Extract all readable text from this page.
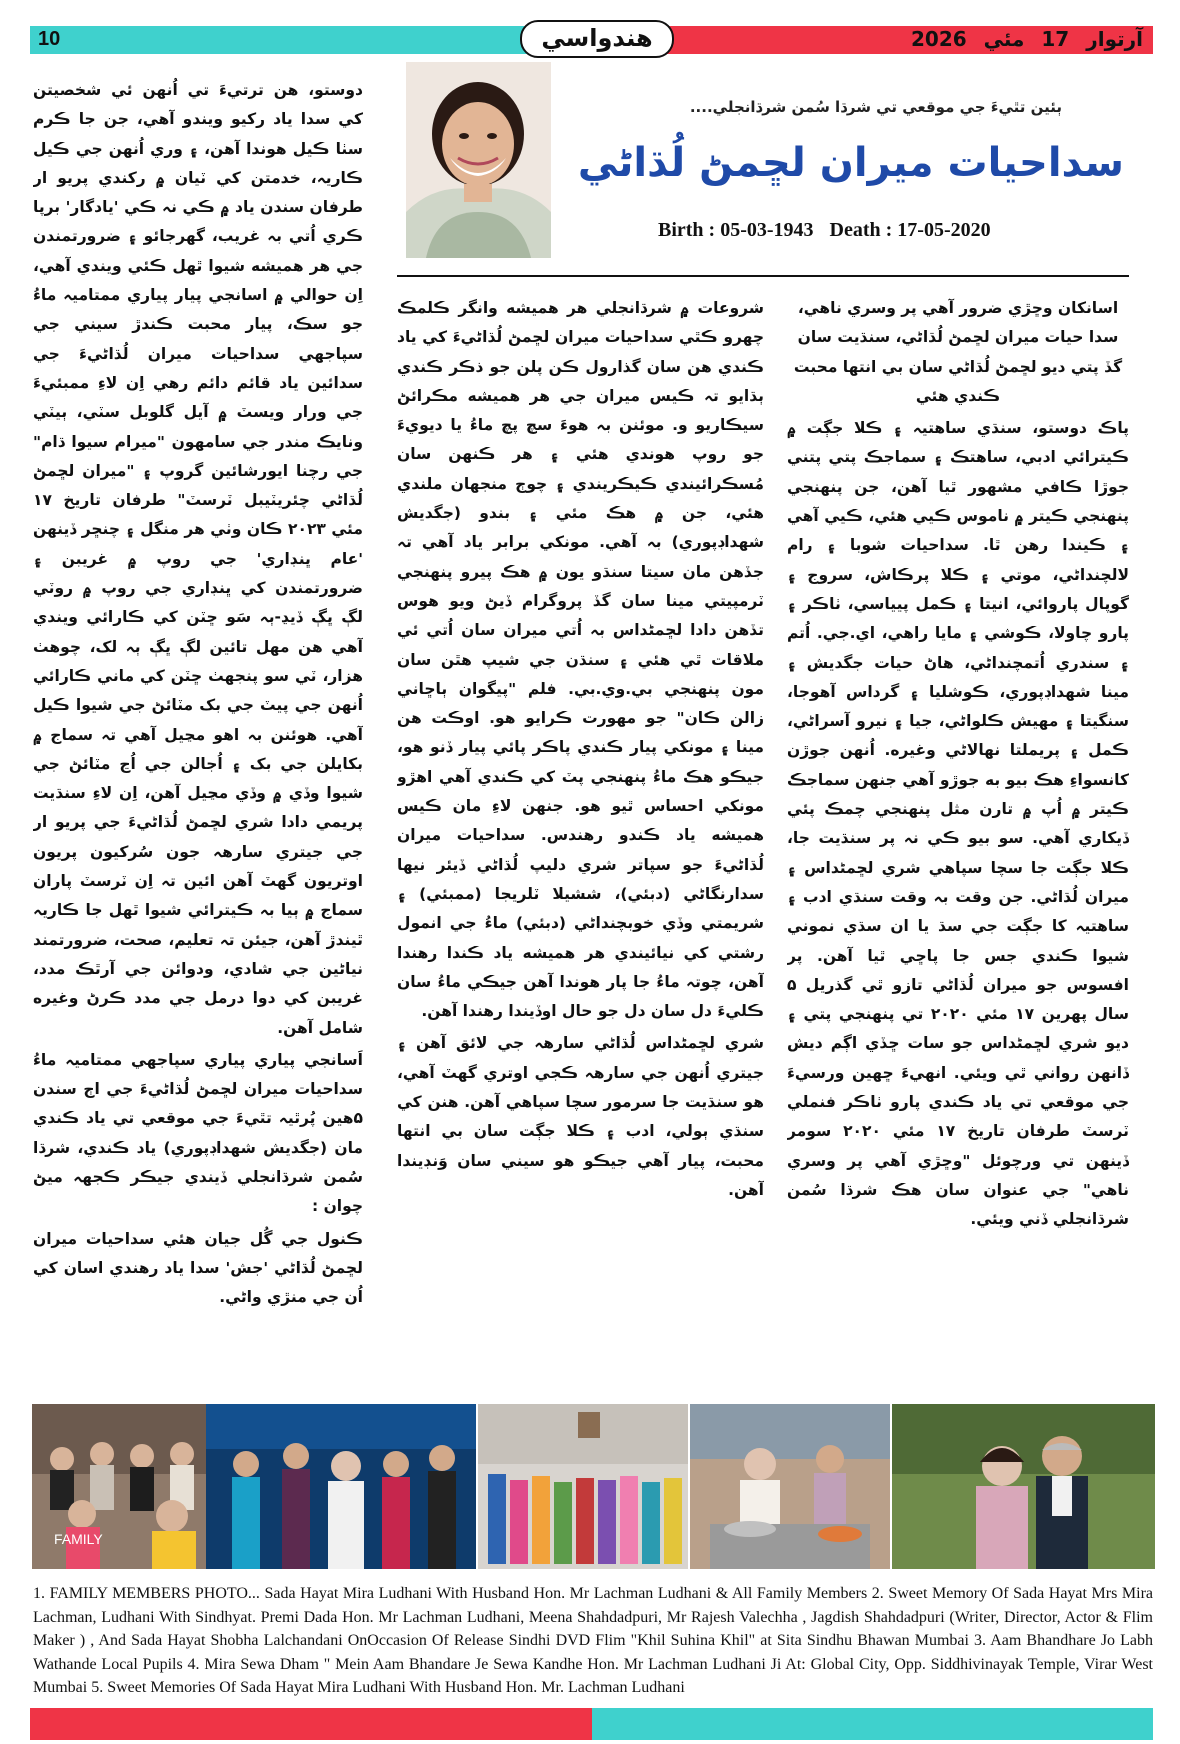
10	هندواسي	آرتوار 17 مئي 2026
ٻئين تٿيءَ جي موقعي تي شرڌا سُمن شرڌانجلي....
سداحيات ميران لڇمڻ لُڌاڻي
Birth : 05-03-1943 Death : 17-05-2020

دوستو، هن ترتيءَ تي اُنهن ئي شخصيتن کي سدا ياد رکيو ويندو آهي، جن جا ڪرم سٺا ڪيل هوندا آهن، ۽ وري اُنهن جي ڪيل ڪاريہ، خدمتن کي ٽيان ۾ رکندي پريو ار طرفان سندن ياد ۾ ڪي نہ ڪي 'يادگار' برپا ڪري اُتي بہ غريب، گهرجائو ۽ ضرورتمندن جي هر هميشه شيوا ٿهل ڪئي ويندي آهي، اِن حوالي ۾ اسانجي پيار پياري ممتاميہ ماءُ جو سڪ، پيار محبت ڪندڙ سيني جي سپاجهي سداحيات ميران لُڌاڻيءَ جي سدائين ياد قائم دائم رهي اِن لاءِ ممبئيءَ جي ورار ويسٽ ۾ آيل گلوبل سٽي، ٻيٽي ونايڪ مندر جي سامهون "ميرام سيوا ڌام" جي رچنا ايورشائين گروپ ۽ "ميران لڇمڻ لُڌاڻي چئريٽيبل ٽرسٽ" طرفان تاريخ ۱۷ مئي ۲۰۲۳ ڪان وٺي هر منگل ۽ چنڇر ڏينهن 'عام ڀنڊاري' جي روپ ۾ غريبن ۽ ضرورتمندن کي ڀنڊاري جي روپ ۾ روٽي لڳ ڀڳ ڏيڍ-ٻہ سَو ڇٽن کي ڪارائي ويندي آهي هن مهل تائين لڳ ڀڳ ٻہ لک، چوهٺ هزار، ٽي سو پنجهٺ ڇٽن کي ماني ڪارائي اُنهن جي پيٽ جي بک مٽائڻ جي شيوا ڪيل آهي. هوئنن بہ اهو مڃيل آهي تہ سماج ۾ بکايلن جي بک ۽ اُجالن جي اُڃ مٽائڻ جي شيوا وڏي ۾ وڏي مڃيل آهن، اِن لاءِ سنڌيت پريمي دادا شري لڇمڻ لُڌاڻيءَ جي پريو ار جي جيتري سارهہ جون سُرکيون پريون اوتريون گهٽ آهن ائين تہ اِن ٽرسٽ پاران سماج ۾ ٻيا بہ ڪيترائي شيوا ٿهل جا ڪاريہ ٿيندڙ آهن، جيئن تہ تعليم، صحت، ضرورتمند نياڻين جي شادي، ودوائن جي آرٿڪ مدد، غريبن کي دوا درمل جي مدد ڪرڻ وغيره شامل آهن.

اَسانجي پياري پياري سپاجهي ممتاميہ ماءُ سداحيات ميران لڇمڻ لُڌاڻيءَ جي اڄ سندن ۵هين پُرٿيہ تٿيءَ جي موقعي تي ياد ڪندي مان (جگديش شهداڊپوري) ياد ڪندي، شرڌا سُمن شرڌانجلي ڏيندي جيڪر ڪجهہ ميڻ چوان :

ڪنول جي گُل جيان هئي سداحيات ميران لڇمڻ لُڌاڻي 'جش' سدا ياد رهندي اسان کي اُن جي منڙي واڻي.

شروعات ۾ شرڌانجلي هر هميشه وانگر ڪلمڪ چهرو ڪٿي سداحيات ميران لڇمڻ لُڌاڻيءَ کي ياد ڪندي هن سان گذارول ڪن پلن جو ذڪر ڪندي ٻڌايو تہ ڪيس ميران جي هر هميشه مڪرائڻ سيڪاريو و. موئنن بہ هوءَ سچ پچ ماءُ يا ديويءَ جو روپ هوندي هئي ۽ هر ڪنهن سان مُسڪرائيندي ڪيڪريندي ۽ چوڄ منجهان ملندي هئي، جن ۾ هڪ مئي ۽ بندو (جگديش شهداڊپوري) بہ آهي. مونکي برابر ياد آهي تہ جڏهن مان سيتا سنڌو يون ۾ هڪ پيرو پنهنجي ٽرمپيتي مينا سان گڏ پروگرام ڏيڻ ويو هوس تڏهن دادا لڇمڻداس بہ اُتي ميران سان اُتي ئي ملاقات ٿي هئي ۽ سنڌن جي شيپ هٿن سان مون پنهنجي بي.وي.بي. فلم "پيگوان ٻاڇاني زالن ڪان" جو مهورت ڪرايو هو. اوڪت هن مينا ۽ مونکي پيار ڪندي پاڪر پائي پيار ڏنو هو، جيڪو هڪ ماءُ پنهنجي پٽ کي ڪندي آهي اهڙو مونکي احساس ٿيو هو. جنهن لاءِ مان ڪيس هميشه ياد ڪندو رهندس. سداحيات ميران لُڌاڻيءَ جو سپاتر شري دليپ لُڌاڻي ڏيئر نيها سدارنگاڻي (دبئي)، ششيلا ٽلريجا (ممبئي) ۽ شريمتي وڏي خوبچنداڻي (دبئي) ماءُ جي انمول رشتي کي نيائيندي هر هميشه ياد ڪندا رهندا آهن، چوتہ ماءُ جا پار هوندا آهن جيڪي ماءُ سان ڪليءَ دل سان دل جو حال اوڏيندا رهندا آهن.

شري لڇمڻداس لُڌاڻي سارهہ جي لائق آهن ۽ جيتري اُنهن جي سارهہ ڪجي اوتري گهٽ آهي، هو سنڌيت جا سرمور سچا سپاهي آهن. هنن کي سنڌي ٻولي، ادب ۽ ڪلا جڳت سان بي انتها محبت، پيار آهي جيڪو هو سيني سان وَنڊيندا آهن.

اسانکان وڇڙي ضرور آهي پر وسري ناهي، سدا حيات ميران لڇمڻ لُڌاڻي، سنڌيت سان گڏ پتي ديو لڇمڻ لُڌاڻي سان بي انتها محبت ڪندي هئي

پاڪ دوستو، سنڌي ساهتيہ ۽ ڪلا جڳت ۾ ڪيترائي ادبي، ساهتڪ ۽ سماجڪ پتي پتني جوڙا ڪافي مشهور ٿيا آهن، جن پنهنجي پنهنجي ڪيتر ۾ ناموس ڪيي هئي، ڪيي آهي ۽ ڪيندا رهن ٿا. سداحيات شوبا ۽ رام لالچنداڻي، موتي ۽ ڪلا پرڪاش، سروج ۽ گوپال پاروائي، انيتا ۽ ڪمل پيياسي، ٺاڪر ۽ پارو چاولا، ڪوشي ۽ مايا راهي، اي.جي. اُتم ۽ سندري اُتمچنداڻي، هاڻ حيات جگديش ۽ مينا شهداڊپوري، ڪوشليا ۽ گرداس آهوجا، سنگيتا ۽ مهيش ڪلواڻي، جيا ۽ نيرو آسراڻي، ڪمل ۽ پريملتا نهالاڻي وغيره. اُنهن جوڙن کانسواءِ هڪ بيو به جوڙو آهي جنهن سماجڪ ڪيتر ۾ اُپ ۾ تارن مثل پنهنجي چمڪ پئي ڏيکاري آهي. سو بيو ڪي نہ پر سنڌيت جا، ڪلا جڳت جا سچا سپاهي شري لڇمڻداس ۽ ميران لُڌاڻي. جن وقت بہ وقت سنڌي ادب ۽ ساهتيہ کا جڳت جي سڌ يا ان سڌي نموني شيوا ڪندي جس جا پاڇي ٿيا آهن. پر افسوس جو ميران لُڌاڻي تازو ٿي گذريل ۵ سال پهرين ۱۷ مئي ۲۰۲۰ تي پنهنجي پتي ۽ ديو شري لڇمڻداس جو سات ڇڏي اڳم ديش ڏانهن رواني ٿي ويئي. انهيءَ ڇهين ورسيءَ جي موقعي تي ياد ڪندي پارو ٺاڪر فنملي ٽرسٽ طرفان تاريخ ۱۷ مئي ۲۰۲۰ سومر ڏينهن تي ورچوئل "وڇڙي آهي پر وسري ناهي" جي عنوان سان هڪ شرڌا سُمن شرڌانجلي ڏني ويئي.

FAMILY
1. FAMILY MEMBERS PHOTO... Sada Hayat Mira Ludhani With Husband Hon. Mr Lachman Ludhani & All Family Members 2. Sweet Memory Of Sada Hayat Mrs Mira Lachman, Ludhani With Sindhyat. Premi Dada Hon. Mr Lachman Ludhani, Meena Shahdadpuri, Mr Rajesh Valechha , Jagdish Shahdadpuri (Writer, Director, Actor & Flim Maker ) , And Sada Hayat Shobha Lalchandani OnOccasion Of Release Sindhi DVD Flim "Khil Suhina Khil" at Sita Sindhu Bhawan Mumbai 3. Aam Bhandhare Jo Labh Wathande Local Pupils 4. Mira Sewa Dham " Mein Aam Bhandare Je Sewa Kandhe Hon. Mr Lachman Ludhani Ji At: Global City, Opp. Siddhivinayak Temple, Virar West Mumbai 5. Sweet Memories Of Sada Hayat Mira Ludhani With Husband Hon. Mr. Lachman Ludhani
